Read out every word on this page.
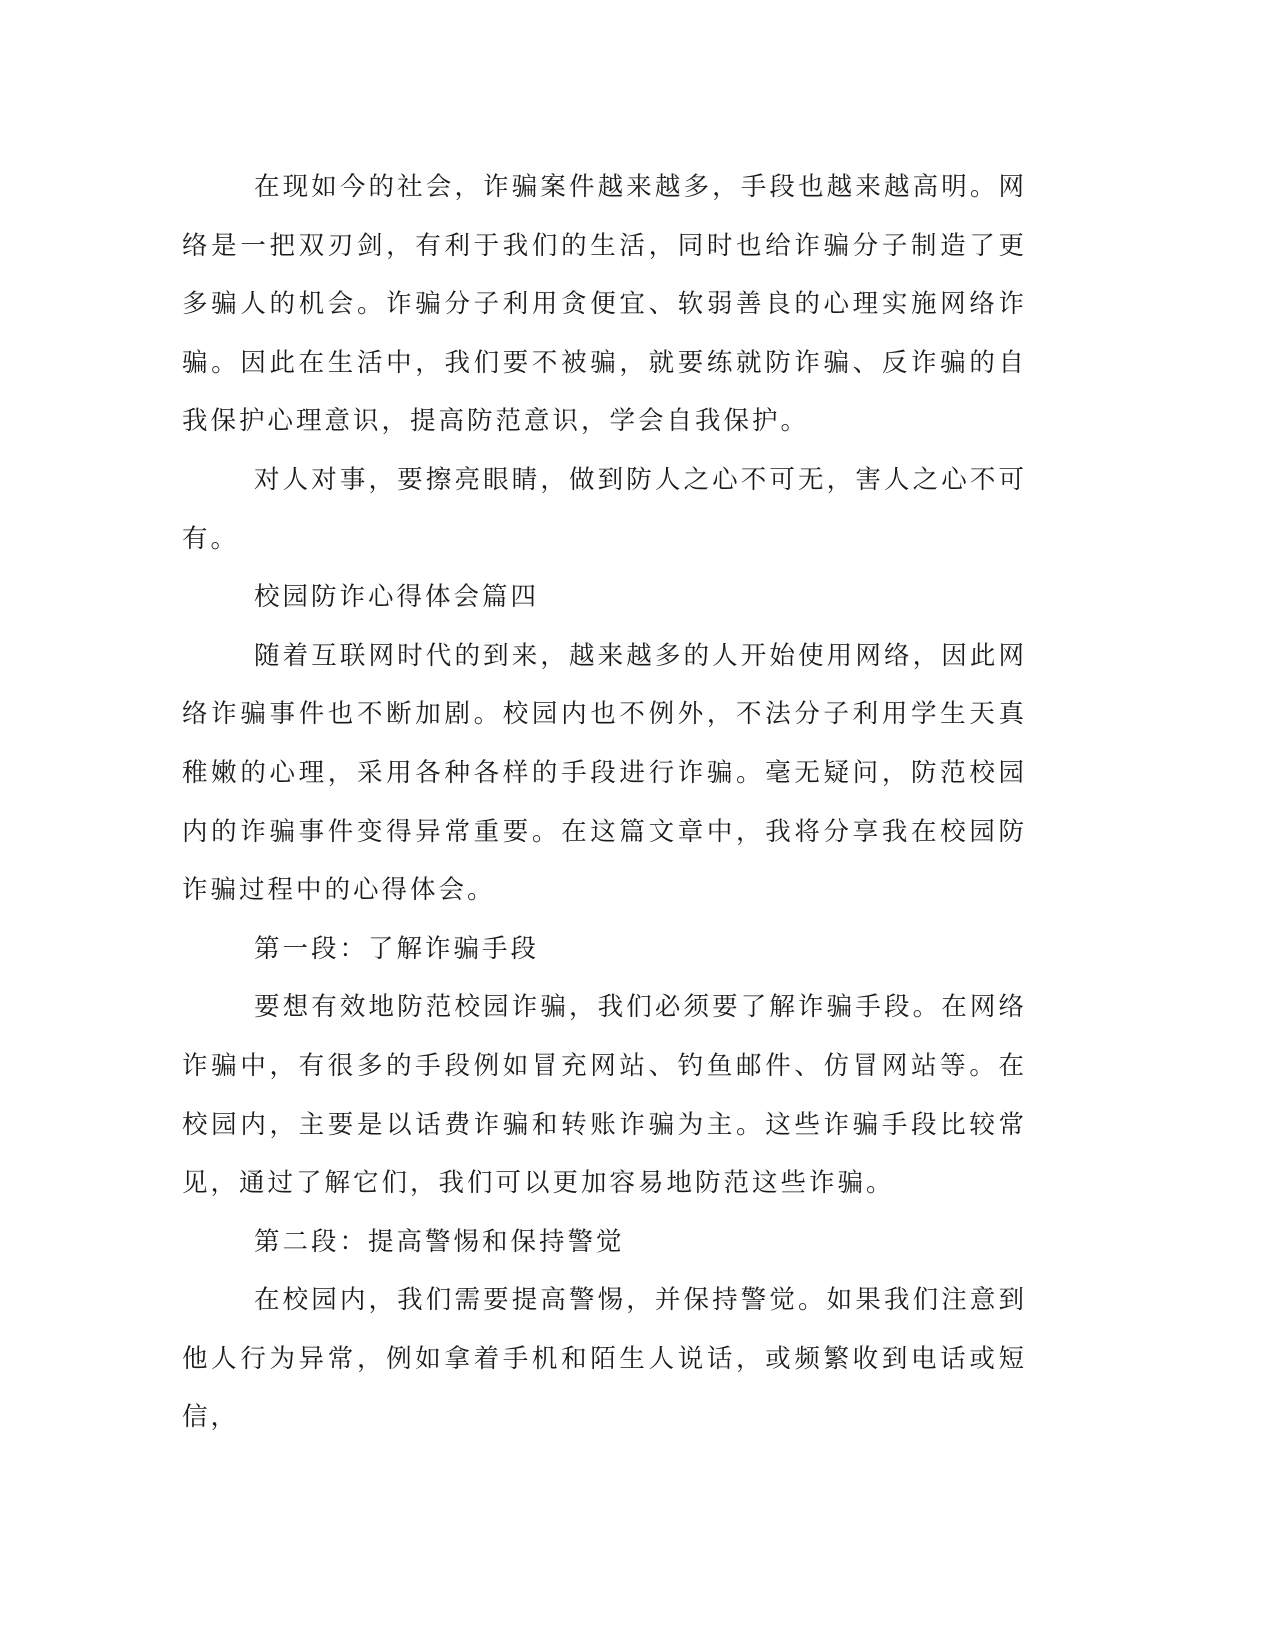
在现如今的社会，诈骗案件越来越多，手段也越来越高明。网络是一把双刃剑，有利于我们的生活，同时也给诈骗分子制造了更多骗人的机会。诈骗分子利用贪便宜、软弱善良的心理实施网络诈骗。因此在生活中，我们要不被骗，就要练就防诈骗、反诈骗的自我保护心理意识，提高防范意识，学会自我保护。

对人对事，要擦亮眼睛，做到防人之心不可无，害人之心不可有。

校园防诈心得体会篇四

随着互联网时代的到来，越来越多的人开始使用网络，因此网络诈骗事件也不断加剧。校园内也不例外，不法分子利用学生天真稚嫩的心理，采用各种各样的手段进行诈骗。毫无疑问，防范校园内的诈骗事件变得异常重要。在这篇文章中，我将分享我在校园防诈骗过程中的心得体会。

第一段：了解诈骗手段

要想有效地防范校园诈骗，我们必须要了解诈骗手段。在网络诈骗中，有很多的手段例如冒充网站、钓鱼邮件、仿冒网站等。在校园内，主要是以话费诈骗和转账诈骗为主。这些诈骗手段比较常见，通过了解它们，我们可以更加容易地防范这些诈骗。

第二段：提高警惕和保持警觉

在校园内，我们需要提高警惕，并保持警觉。如果我们注意到他人行为异常，例如拿着手机和陌生人说话，或频繁收到电话或短信，
